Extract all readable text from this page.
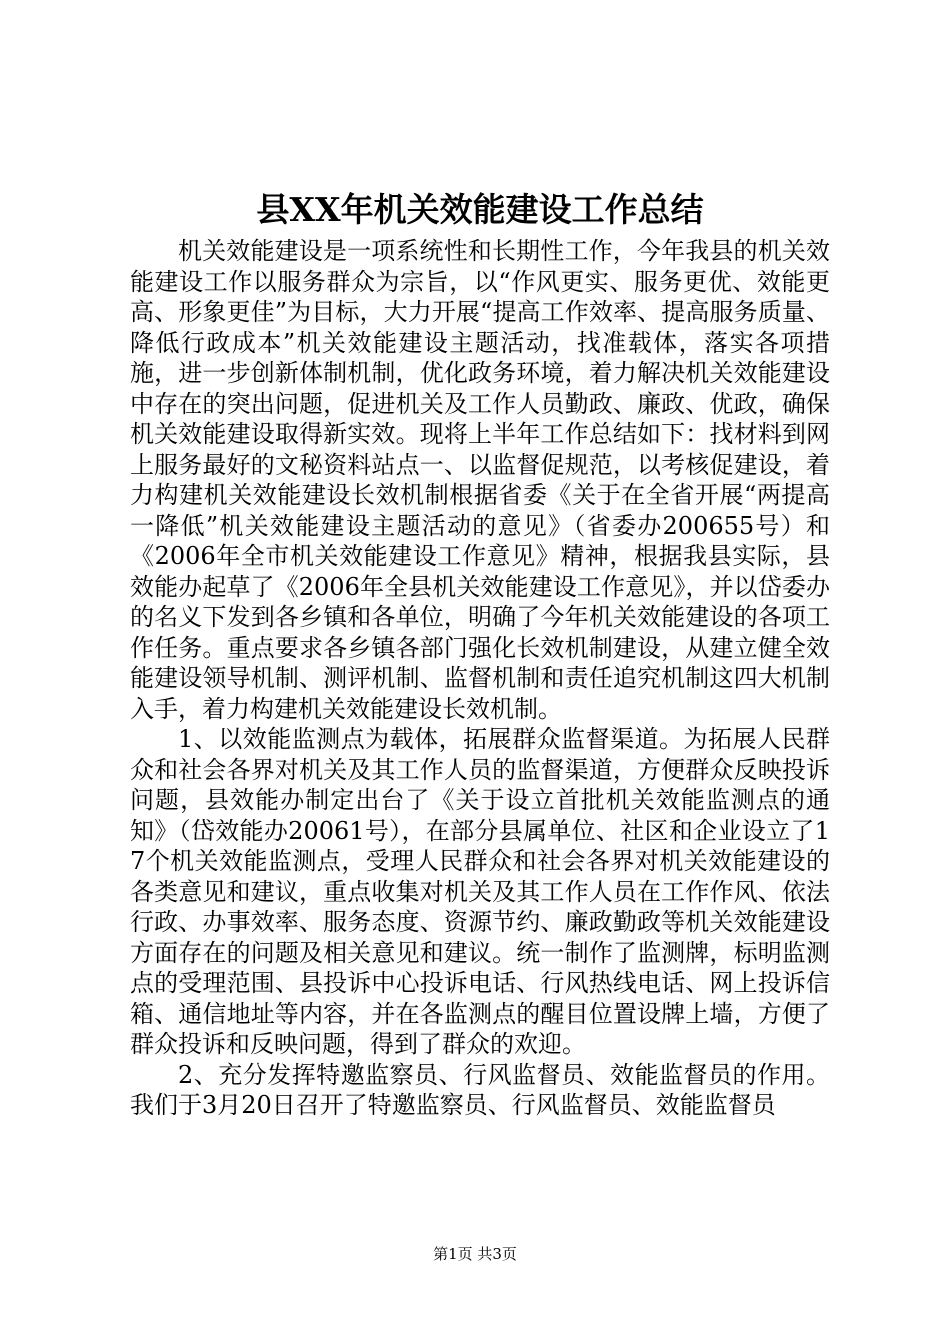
县XX年机关效能建设工作总结

机关效能建设是一项系统性和长期性工作，今年我县的机关效能建设工作以服务群众为宗旨，以“作风更实、服务更优、效能更高、形象更佳”为目标，大力开展“提高工作效率、提高服务质量、降低行政成本”机关效能建设主题活动，找准载体，落实各项措施，进一步创新体制机制，优化政务环境，着力解决机关效能建设中存在的突出问题，促进机关及工作人员勤政、廉政、优政，确保机关效能建设取得新实效。现将上半年工作总结如下：找材料到网上服务最好的文秘资料站点一、以监督促规范，以考核促建设，着力构建机关效能建设长效机制根据省委《关于在全省开展“两提高一降低”机关效能建设主题活动的意见》（省委办200655号）和《2006年全市机关效能建设工作意见》精神，根据我县实际，县效能办起草了《2006年全县机关效能建设工作意见》，并以岱委办的名义下发到各乡镇和各单位，明确了今年机关效能建设的各项工作任务。重点要求各乡镇各部门强化长效机制建设，从建立健全效能建设领导机制、测评机制、监督机制和责任追究机制这四大机制入手，着力构建机关效能建设长效机制。

1、以效能监测点为载体，拓展群众监督渠道。为拓展人民群众和社会各界对机关及其工作人员的监督渠道，方便群众反映投诉问题，县效能办制定出台了《关于设立首批机关效能监测点的通知》（岱效能办20061号），在部分县属单位、社区和企业设立了17个机关效能监测点，受理人民群众和社会各界对机关效能建设的各类意见和建议，重点收集对机关及其工作人员在工作作风、依法行政、办事效率、服务态度、资源节约、廉政勤政等机关效能建设方面存在的问题及相关意见和建议。统一制作了监测牌，标明监测点的受理范围、县投诉中心投诉电话、行风热线电话、网上投诉信箱、通信地址等内容，并在各监测点的醒目位置设牌上墙，方便了群众投诉和反映问题，得到了群众的欢迎。

2、充分发挥特邀监察员、行风监督员、效能监督员的作用。我们于3月20日召开了特邀监察员、行风监督员、效能监督员

第1页 共3页
